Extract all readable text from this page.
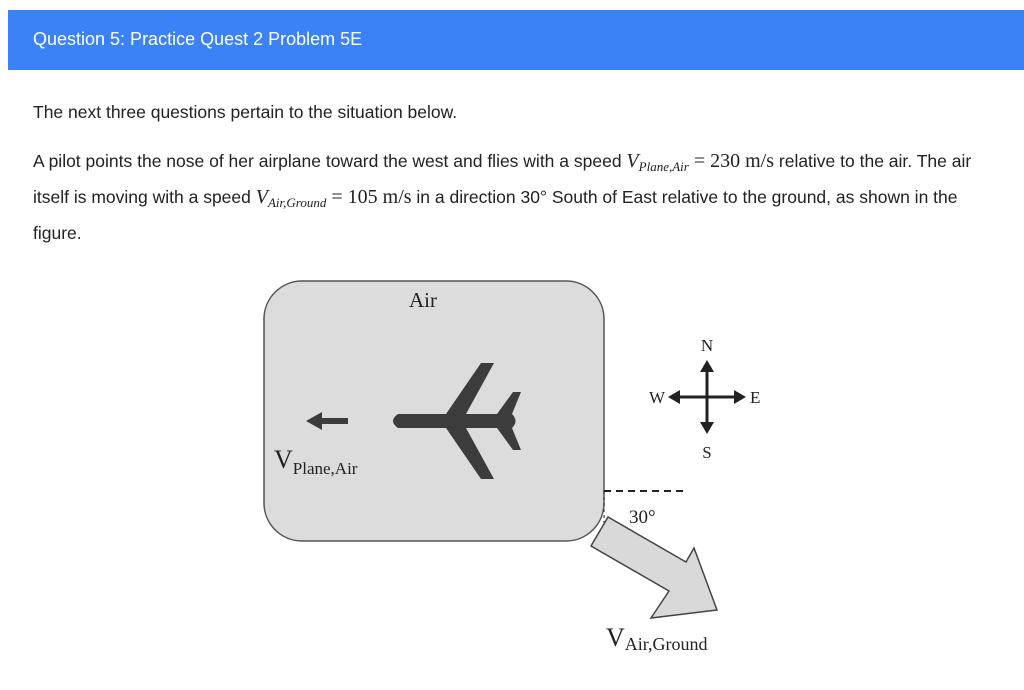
Question 5: Practice Quest 2 Problem 5E
The next three questions pertain to the situation below.
A pilot points the nose of her airplane toward the west and flies with a speed $V_{Plane,Air} = 230$ m/s relative to the air. The air itself is moving with a speed $V_{Air,Ground} = 105$ m/s in a direction 30° South of East relative to the ground, as shown in the figure.
Air
VPlane,Air
N
S
W	E
30°
VAir,Ground
